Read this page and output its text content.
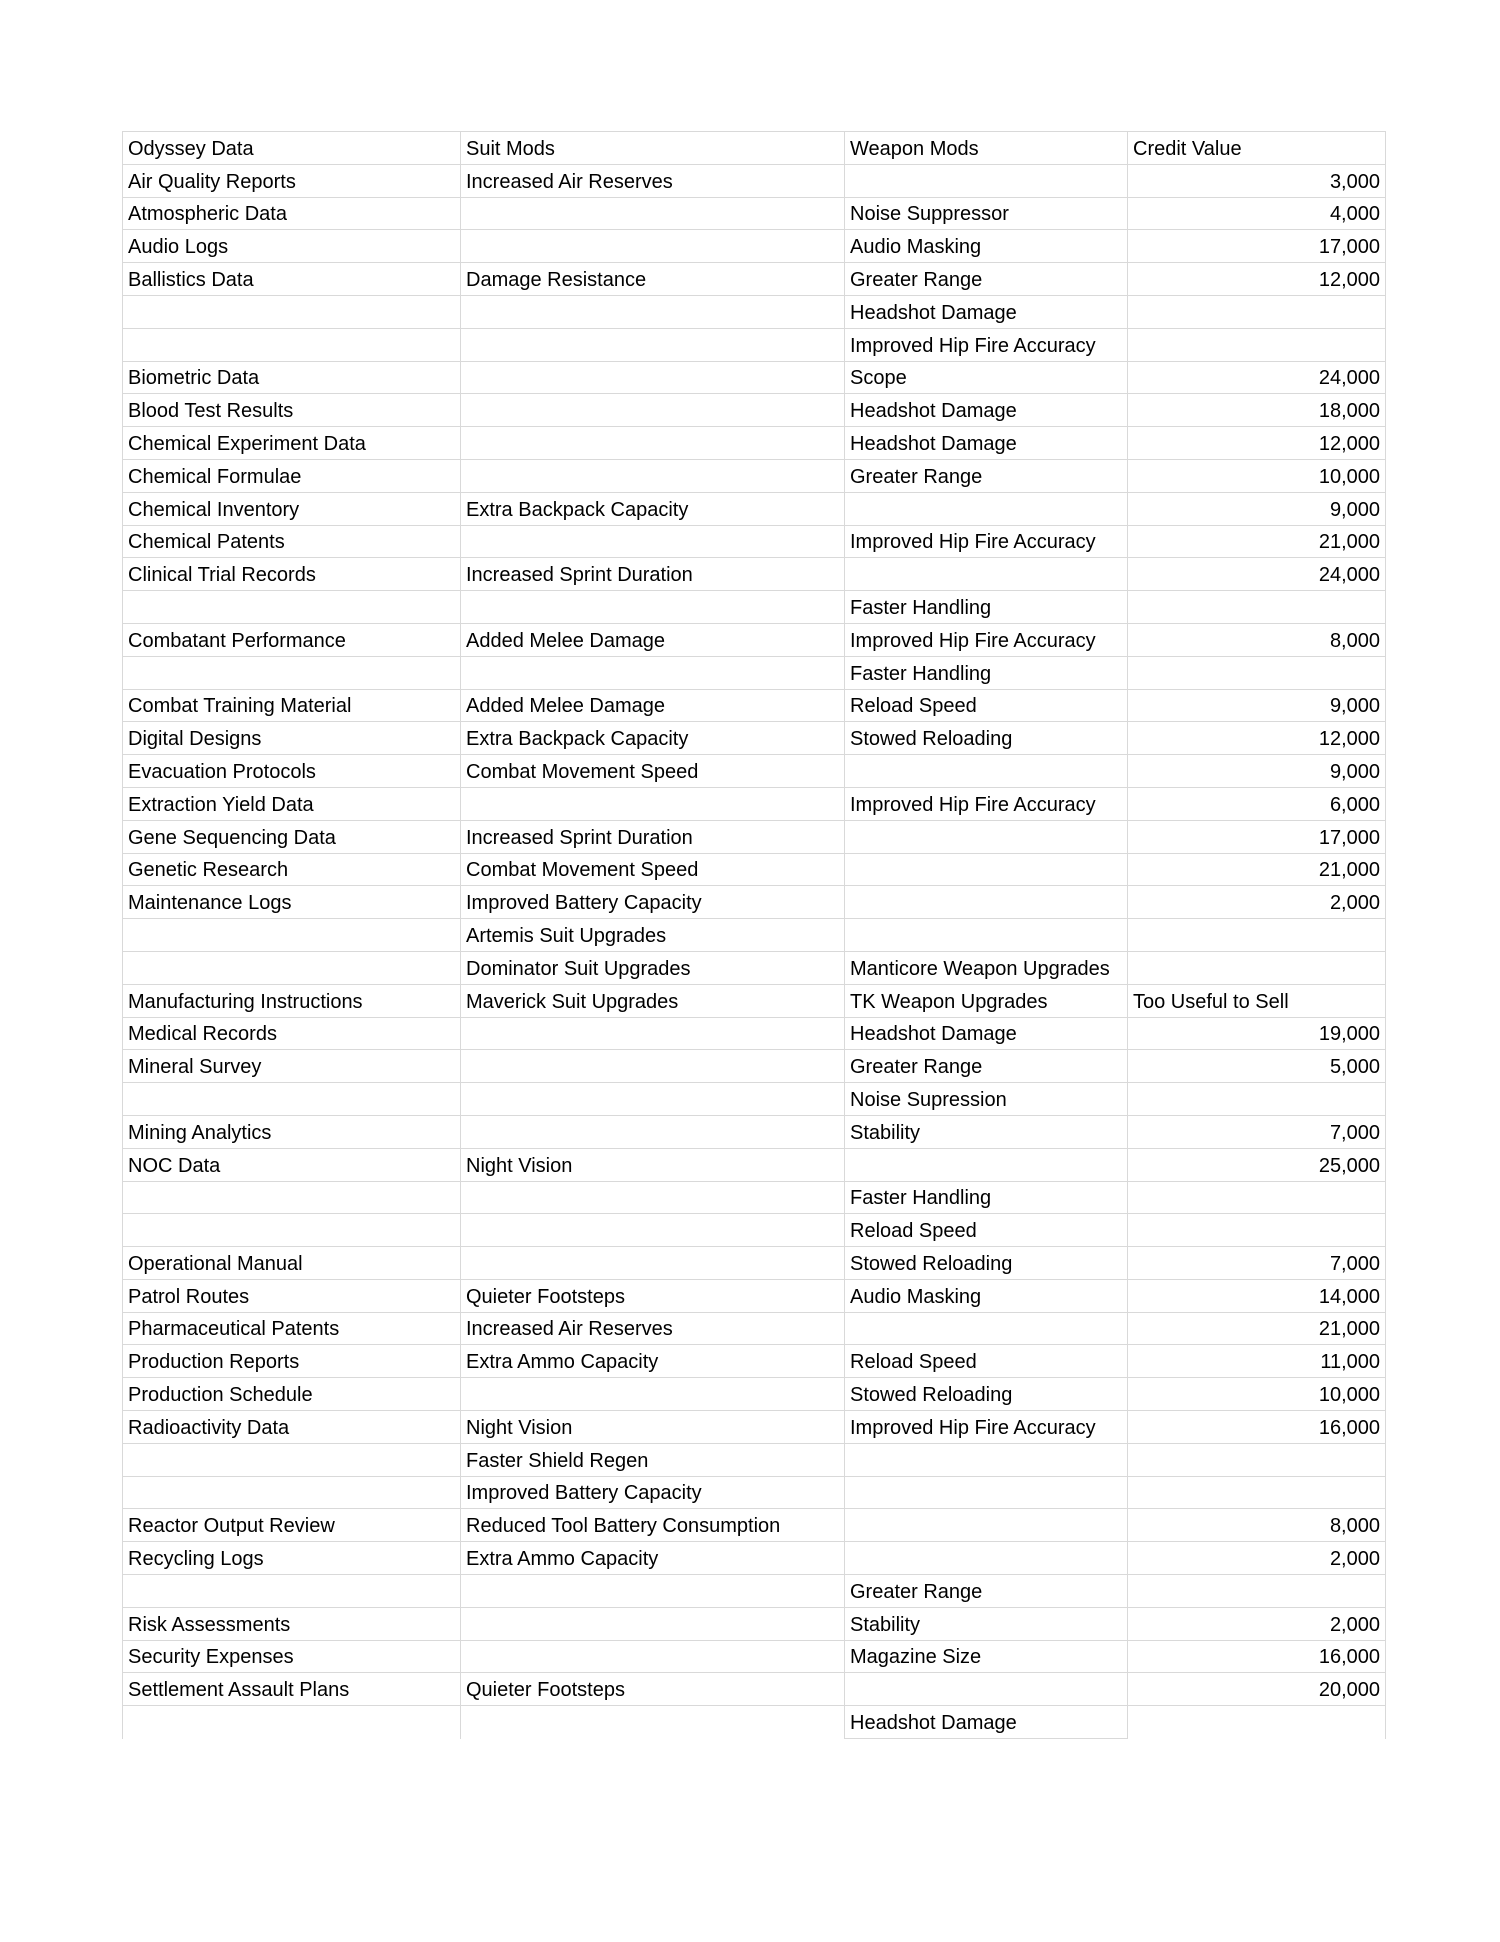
Odyssey Data	Suit Mods	Weapon Mods	Credit Value
Air Quality Reports	Increased Air Reserves		3,000
Atmospheric Data		Noise Suppressor	4,000
Audio Logs		Audio Masking	17,000
Ballistics Data	Damage Resistance	Greater Range	12,000
		Headshot Damage	
		Improved Hip Fire Accuracy	
Biometric Data		Scope	24,000
Blood Test Results		Headshot Damage	18,000
Chemical Experiment Data		Headshot Damage	12,000
Chemical Formulae		Greater Range	10,000
Chemical Inventory	Extra Backpack Capacity		9,000
Chemical Patents		Improved Hip Fire Accuracy	21,000
Clinical Trial Records	Increased Sprint Duration		24,000
		Faster Handling	
Combatant Performance	Added Melee Damage	Improved Hip Fire Accuracy	8,000
		Faster Handling	
Combat Training Material	Added Melee Damage	Reload Speed	9,000
Digital Designs	Extra Backpack Capacity	Stowed Reloading	12,000
Evacuation Protocols	Combat Movement Speed		9,000
Extraction Yield Data		Improved Hip Fire Accuracy	6,000
Gene Sequencing Data	Increased Sprint Duration		17,000
Genetic Research	Combat Movement Speed		21,000
Maintenance Logs	Improved Battery Capacity		2,000
	Artemis Suit Upgrades		
	Dominator Suit Upgrades	Manticore Weapon Upgrades	
Manufacturing Instructions	Maverick Suit Upgrades	TK Weapon Upgrades	Too Useful to Sell
Medical Records		Headshot Damage	19,000
Mineral Survey		Greater Range	5,000
		Noise Supression	
Mining Analytics		Stability	7,000
NOC Data	Night Vision		25,000
		Faster Handling	
		Reload Speed	
Operational Manual		Stowed Reloading	7,000
Patrol Routes	Quieter Footsteps	Audio Masking	14,000
Pharmaceutical Patents	Increased Air Reserves		21,000
Production Reports	Extra Ammo Capacity	Reload Speed	11,000
Production Schedule		Stowed Reloading	10,000
Radioactivity Data	Night Vision	Improved Hip Fire Accuracy	16,000
	Faster Shield Regen		
	Improved Battery Capacity		
Reactor Output Review	Reduced Tool Battery Consumption		8,000
Recycling Logs	Extra Ammo Capacity		2,000
		Greater Range	
Risk Assessments		Stability	2,000
Security Expenses		Magazine Size	16,000
Settlement Assault Plans	Quieter Footsteps		20,000
		Headshot Damage	
